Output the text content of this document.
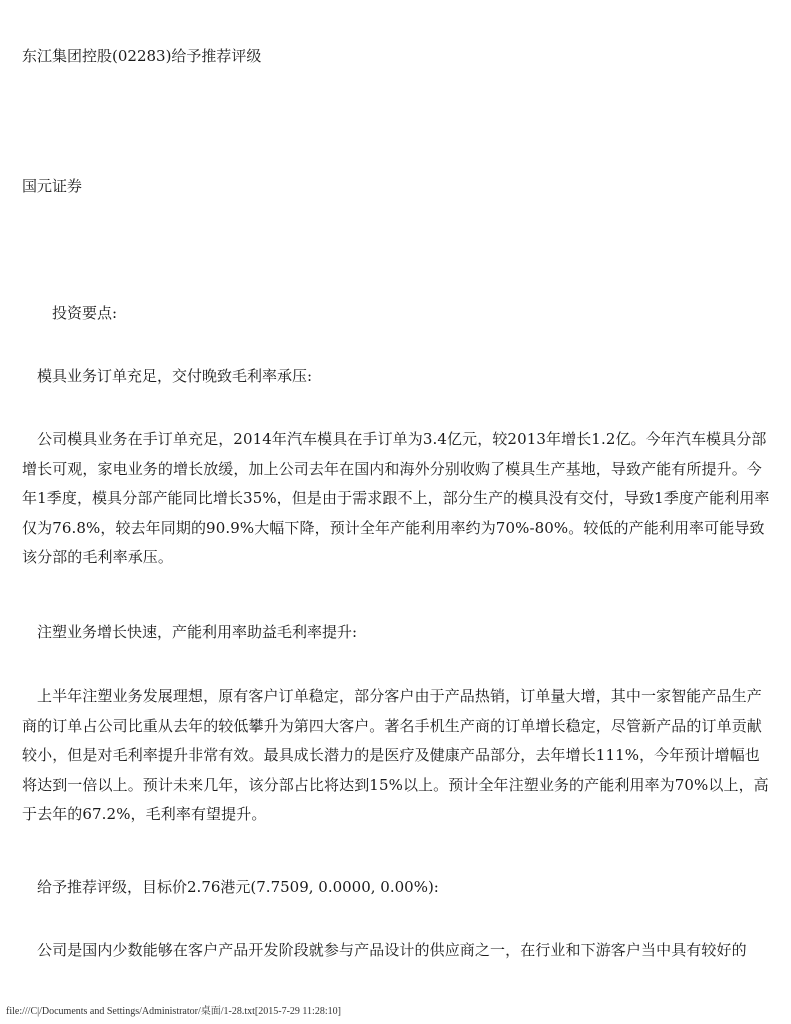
东江集团控股(02283)给予推荐评级
国元证券
投资要点:
模具业务订单充足，交付晚致毛利率承压:
公司模具业务在手订单充足，2014年汽车模具在手订单为3.4亿元，较2013年增长1.2亿。今年汽车模具分部增长可观，家电业务的增长放缓，加上公司去年在国内和海外分别收购了模具生产基地，导致产能有所提升。今年1季度，模具分部产能同比增长35%，但是由于需求跟不上，部分生产的模具没有交付，导致1季度产能利用率仅为76.8%，较去年同期的90.9%大幅下降，预计全年产能利用率约为70%-80%。较低的产能利用率可能导致该分部的毛利率承压。
注塑业务增长快速，产能利用率助益毛利率提升:
上半年注塑业务发展理想，原有客户订单稳定，部分客户由于产品热销，订单量大增，其中一家智能产品生产商的订单占公司比重从去年的较低攀升为第四大客户。著名手机生产商的订单增长稳定，尽管新产品的订单贡献较小，但是对毛利率提升非常有效。最具成长潜力的是医疗及健康产品部分，去年增长111%，今年预计增幅也将达到一倍以上。预计未来几年，该分部占比将达到15%以上。预计全年注塑业务的产能利用率为70%以上，高于去年的67.2%，毛利率有望提升。
给予推荐评级，目标价2.76港元(7.7509, 0.0000, 0.00%):
公司是国内少数能够在客户产品开发阶段就参与产品设计的供应商之一，在行业和下游客户当中具有较好的
file:///C|/Documents and Settings/Administrator/桌面/1-28.txt[2015-7-29 11:28:10]
